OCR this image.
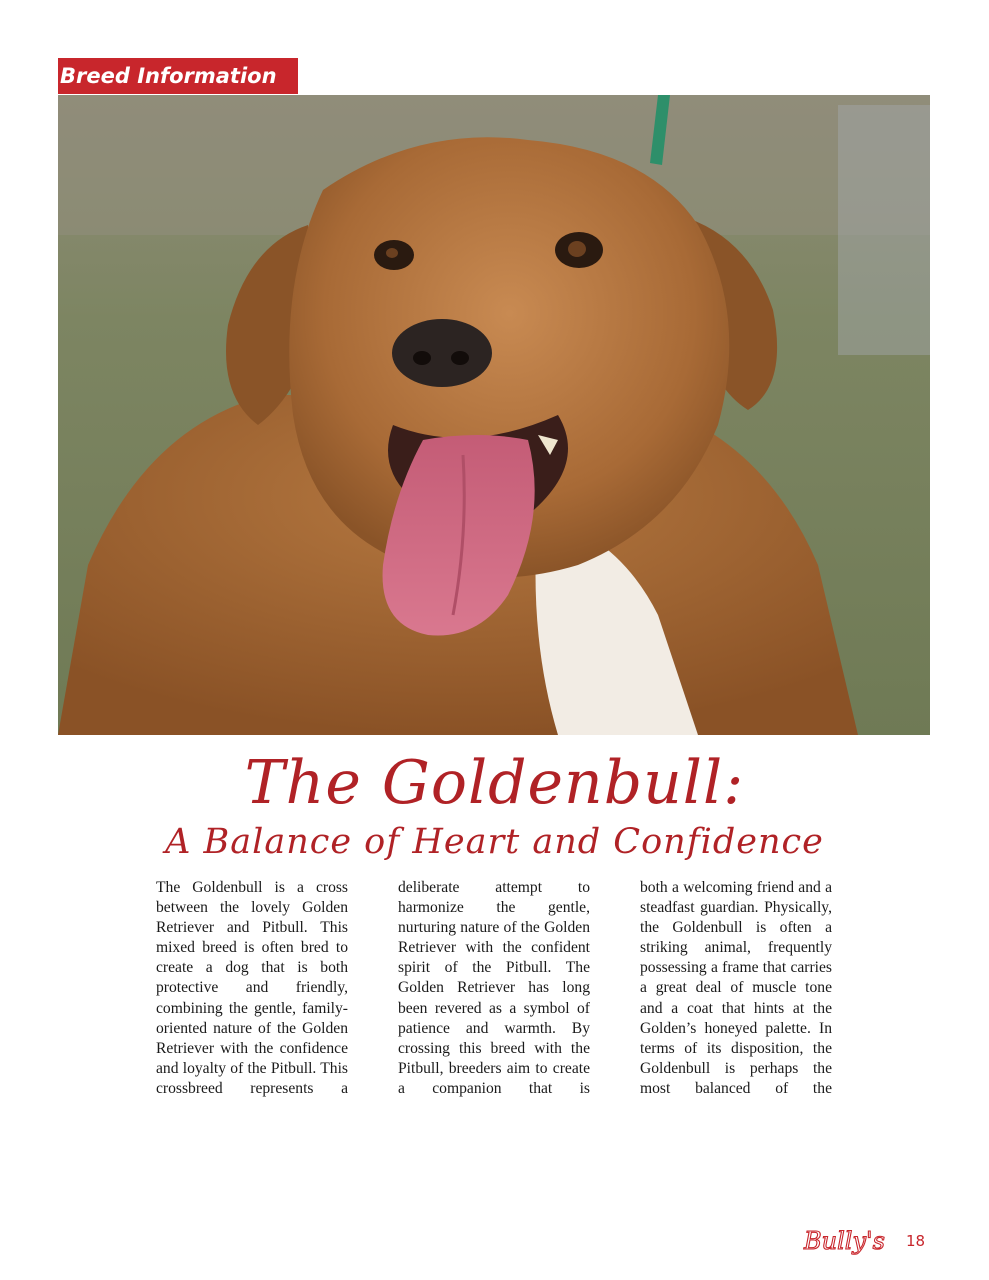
Breed Information
The Goldenbull:
A Balance of Heart and Confidence
The Goldenbull is a cross between the lovely Golden Retriever and Pitbull. This mixed breed is often bred to create a dog that is both protective and friendly, combining the gentle, family-oriented nature of the Golden Retriever with the confidence and loyalty of the Pitbull. This crossbreed represents a
deliberate attempt to harmonize the gentle, nurturing nature of the Golden Retriever with the confident spirit of the Pitbull. The Golden Retriever has long been revered as a symbol of patience and warmth. By crossing this breed with the Pitbull, breeders aim to create a companion that is
both a welcoming friend and a steadfast guardian. Physically, the Goldenbull is often a striking animal, frequently possessing a frame that carries a great deal of muscle tone and a coat that hints at the Golden’s honeyed palette. In terms of its disposition, the Goldenbull is perhaps the most balanced of the
Bully's 18
